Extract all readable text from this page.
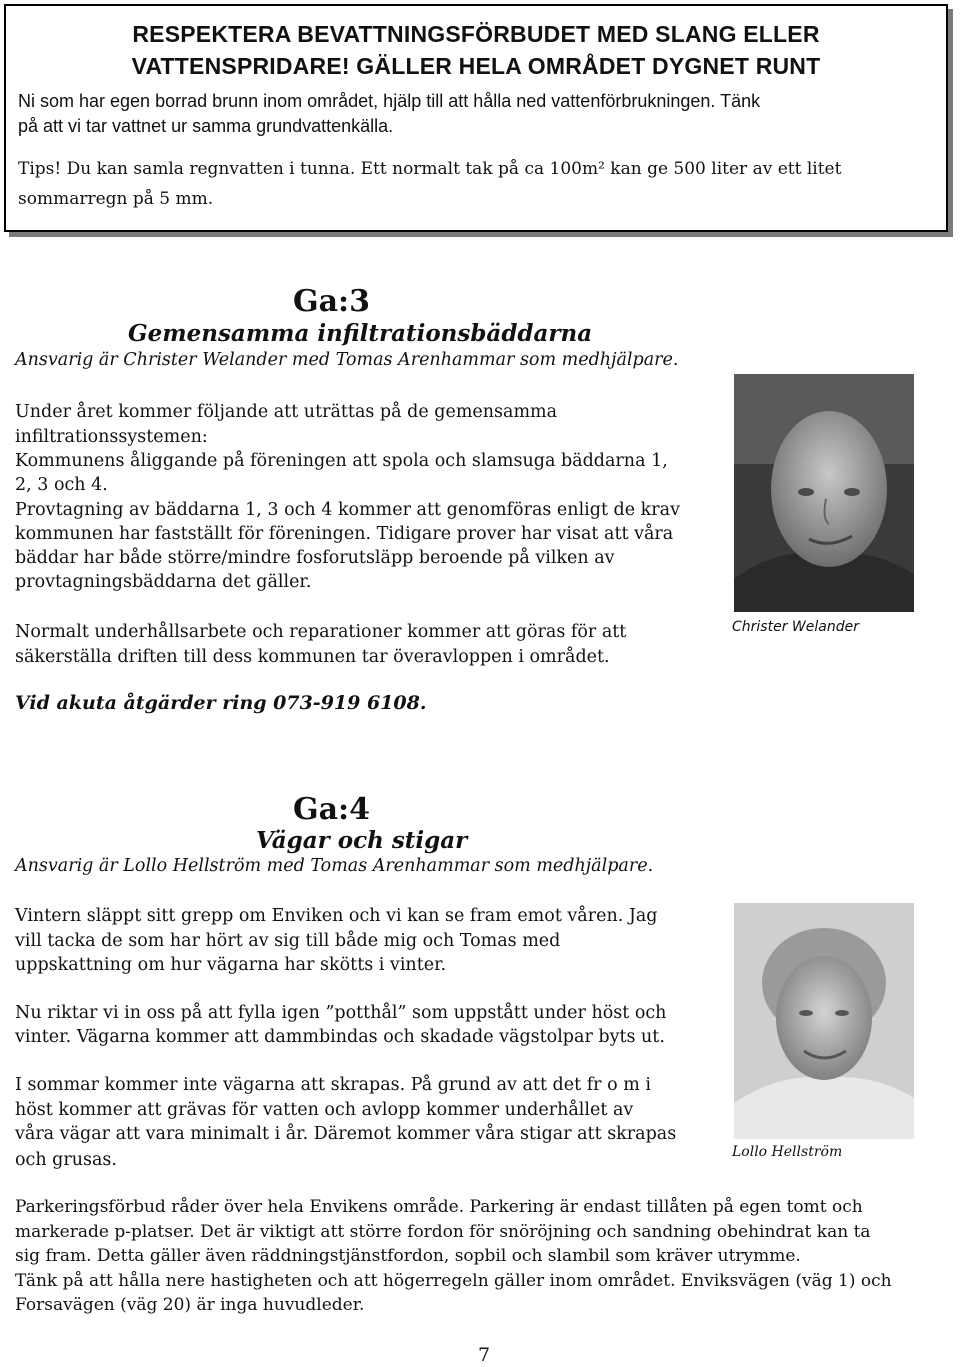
RESPEKTERA BEVATTNINGSFÖRBUDET MED SLANG ELLER
VATTENSPRIDARE! GÄLLER HELA OMRÅDET DYGNET RUNT
Ni som har egen borrad brunn inom området, hjälp till att hålla ned vattenförbrukningen. Tänk
på att vi tar vattnet ur samma grundvattenkälla.
Tips! Du kan samla regnvatten i tunna. Ett normalt tak på ca 100m² kan ge 500 liter av ett litet
sommarregn på 5 mm.
Ga:3
Gemensamma infiltrationsbäddarna
Ansvarig är Christer Welander med Tomas Arenhammar som medhjälpare.
Under året kommer följande att uträttas på de gemensamma
infiltrationssystemen:
Kommunens åliggande på föreningen att spola och slamsuga bäddarna 1,
2, 3 och 4.
Provtagning av bäddarna 1, 3 och 4 kommer att genomföras enligt de krav
kommunen har fastställt för föreningen. Tidigare prover har visat att våra
bäddar har både större/mindre fosforutsläpp beroende på vilken av
provtagningsbäddarna det gäller.
Normalt underhållsarbete och reparationer kommer att göras för att
säkerställa driften till dess kommunen tar överavloppen i området.
Vid akuta åtgärder ring 073-919 6108.
Christer Welander
Ga:4
Vägar och stigar
Ansvarig är Lollo Hellström med Tomas Arenhammar som medhjälpare.
Vintern släppt sitt grepp om Enviken och vi kan se fram emot våren. Jag
vill tacka de som har hört av sig till både mig och Tomas med
uppskattning om hur vägarna har skötts i vinter.
Nu riktar vi in oss på att fylla igen ”potthål” som uppstått under höst och
vinter. Vägarna kommer att dammbindas och skadade vägstolpar byts ut.
I sommar kommer inte vägarna att skrapas. På grund av att det fr o m i
höst kommer att grävas för vatten och avlopp kommer underhållet av
våra vägar att vara minimalt i år. Däremot kommer våra stigar att skrapas
och grusas.
Parkeringsförbud råder över hela Envikens område. Parkering är endast tillåten på egen tomt och
markerade p-platser. Det är viktigt att större fordon för snöröjning och sandning obehindrat kan ta
sig fram. Detta gäller även räddningstjänstfordon, sopbil och slambil som kräver utrymme.
Tänk på att hålla nere hastigheten och att högerregeln gäller inom området. Enviksvägen (väg 1) och
Forsavägen (väg 20) är inga huvudleder.
Lollo Hellström
7
